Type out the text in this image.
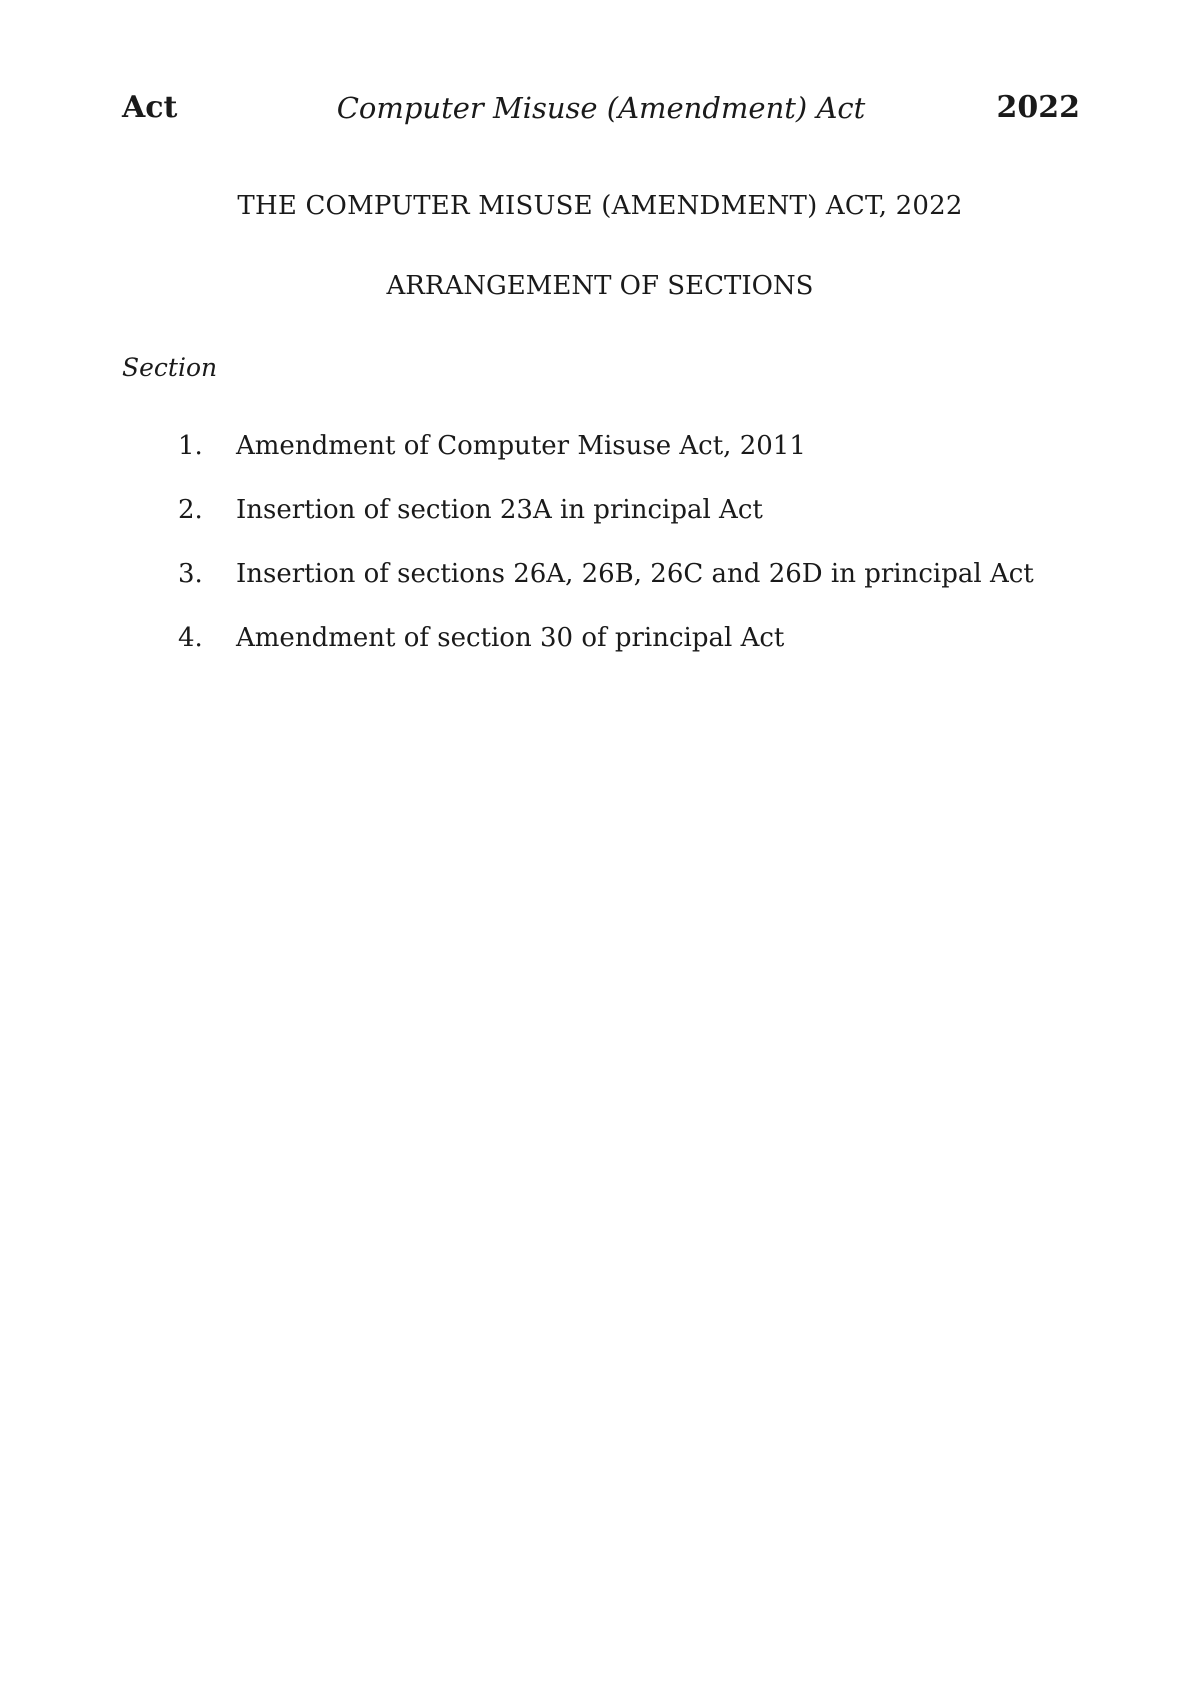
Act	Computer Misuse (Amendment) Act	2022
THE COMPUTER MISUSE (AMENDMENT) ACT, 2022
ARRANGEMENT OF SECTIONS
Section
1.	Amendment of Computer Misuse Act, 2011
2.	Insertion of section 23A in principal Act
3.	Insertion of sections 26A, 26B, 26C and 26D in principal Act
4.	Amendment of section 30 of principal Act
